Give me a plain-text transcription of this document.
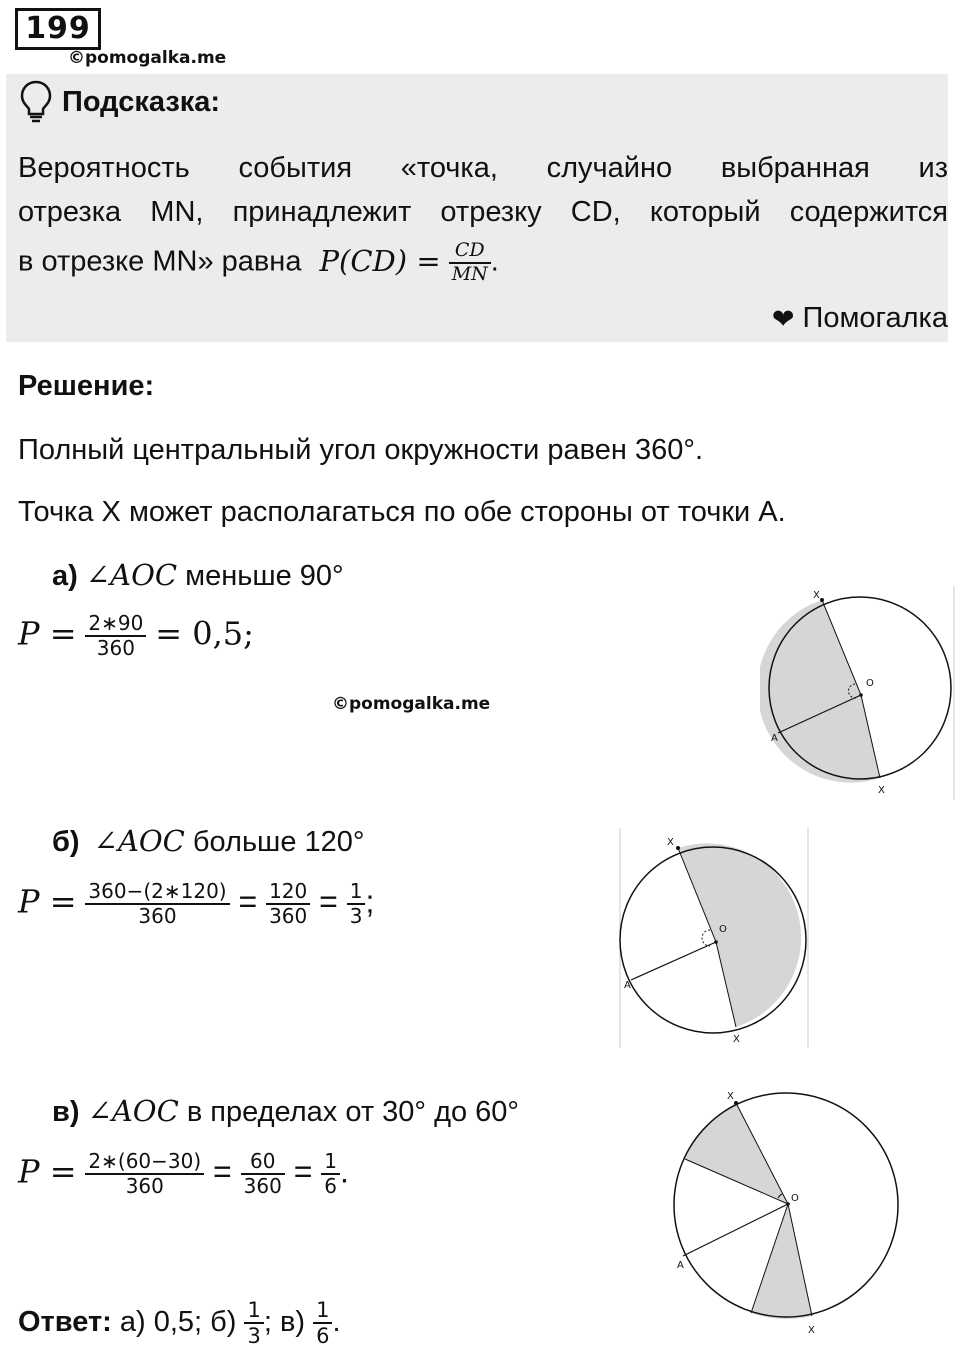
199
©pomogalka.me
Подсказка:
Вероятность события «точка, случайно выбранная из
отрезка MN, принадлежит отрезку CD, который содержится
в отрезке MN» равна $P(CD) = \frac{CD}{MN}$ .
❤ Помогалка
Решение:
Полный центральный угол окружности равен 360°.
Точка X может располагаться по обе стороны от точки А.
а) ∠AOC меньше 90°
$P = \frac{2∗90}{360} = 0,5$;
©pomogalka.me
X
O
A
X
б) ∠AOC больше 120°
$P = \frac{360-(2∗120)}{360} = \frac{120}{360} = \frac{1}{3}$ ;
X
O
A
X
в) ∠AOC в пределах от 30° до 60°
$P = \frac{2∗(60-30)}{360} = \frac{60}{360} = \frac{1}{6}$ .
X
O
A
X
Ответ: а) 0,5; $б) \frac{1}{3}$ ; $в) \frac{1}{6}$ .
